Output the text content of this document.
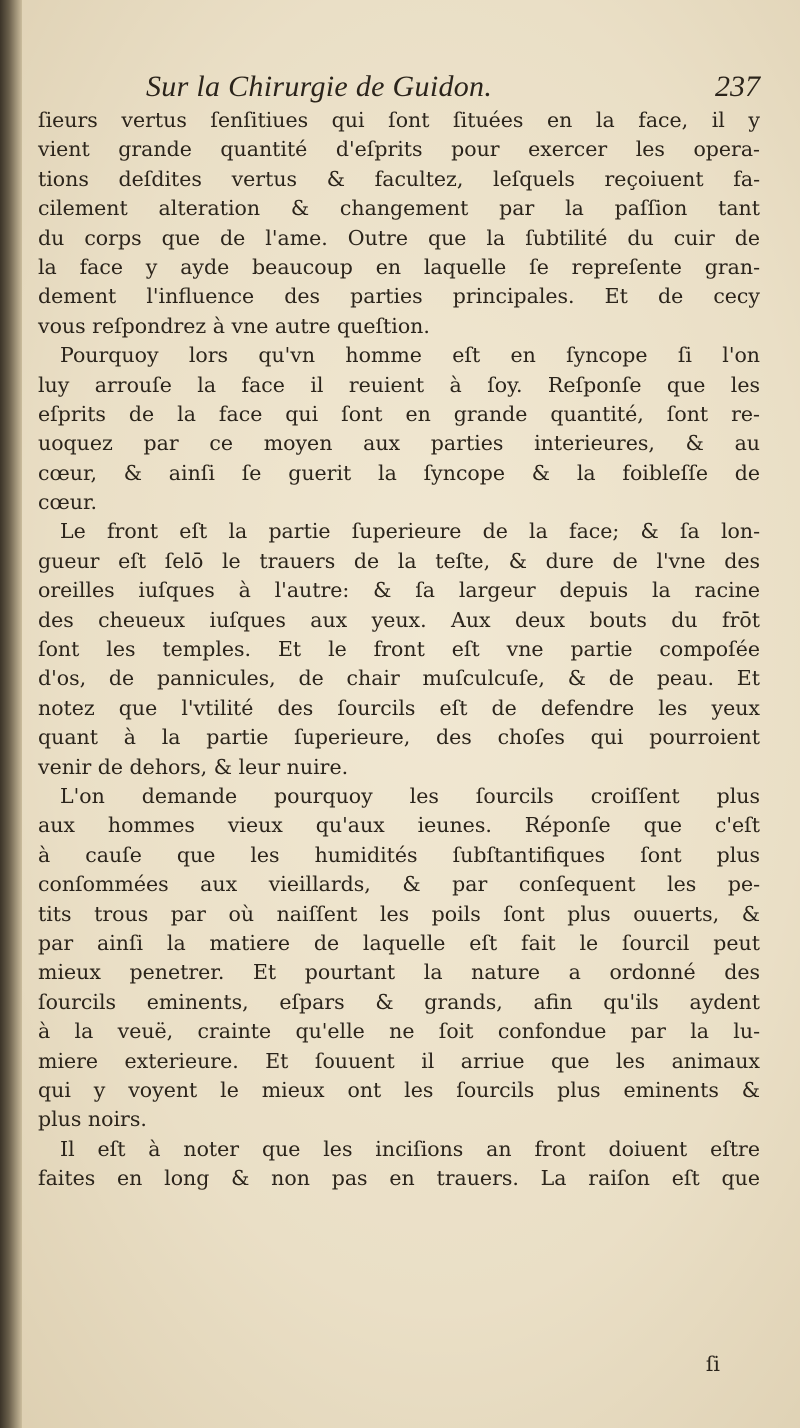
Sur la Chirurgie de Guidon.	237
ſieurs vertus ſenſitiues qui ſont ſituées en la face, il y
vient grande quantité d'eſprits pour exercer les opera-
tions deſdites vertus & facultez, leſquels reçoiuent fa-
cilement alteration & changement par la paſſion tant
du corps que de l'ame. Outre que la ſubtilité du cuir de
la face y ayde beaucoup en laquelle ſe repreſente gran-
dement l'influence des parties principales. Et de cecy
vous reſpondrez à vne autre queſtion.
Pourquoy lors qu'vn homme eſt en ſyncope ſi l'on
luy arrouſe la face il reuient à ſoy. Reſponſe que les
eſprits de la face qui ſont en grande quantité, ſont re-
uoquez par ce moyen aux parties interieures, & au
cœur, & ainſi ſe guerit la ſyncope & la foibleſſe de
cœur.
Le front eſt la partie ſuperieure de la face; & ſa lon-
gueur eſt ſelō le trauers de la teſte, & dure de l'vne des
oreilles iuſques à l'autre: & ſa largeur depuis la racine
des cheueux iuſques aux yeux. Aux deux bouts du frōt
ſont les temples. Et le front eſt vne partie compoſée
d'os, de pannicules, de chair muſculcuſe, & de peau. Et
notez que l'vtilité des ſourcils eſt de defendre les yeux
quant à la partie ſuperieure, des choſes qui pourroient
venir de dehors, & leur nuire.
L'on demande pourquoy les ſourcils croiſſent plus
aux hommes vieux qu'aux ieunes. Réponſe que c'eſt
à cauſe que les humidités ſubſtantifiques ſont plus
conſommées aux vieillards, & par conſequent les pe-
tits trous par où naiſſent les poils ſont plus ouuerts, &
par ainſi la matiere de laquelle eſt fait le ſourcil peut
mieux penetrer. Et pourtant la nature a ordonné des
ſourcils eminents, eſpars & grands, afin qu'ils aydent
à la veuë, crainte qu'elle ne ſoit confondue par la lu-
miere exterieure. Et ſouuent il arriue que les animaux
qui y voyent le mieux ont les ſourcils plus eminents &
plus noirs.
Il eſt à noter que les inciſions an front doiuent eſtre
faites en long & non pas en trauers. La raiſon eſt que
ſi
